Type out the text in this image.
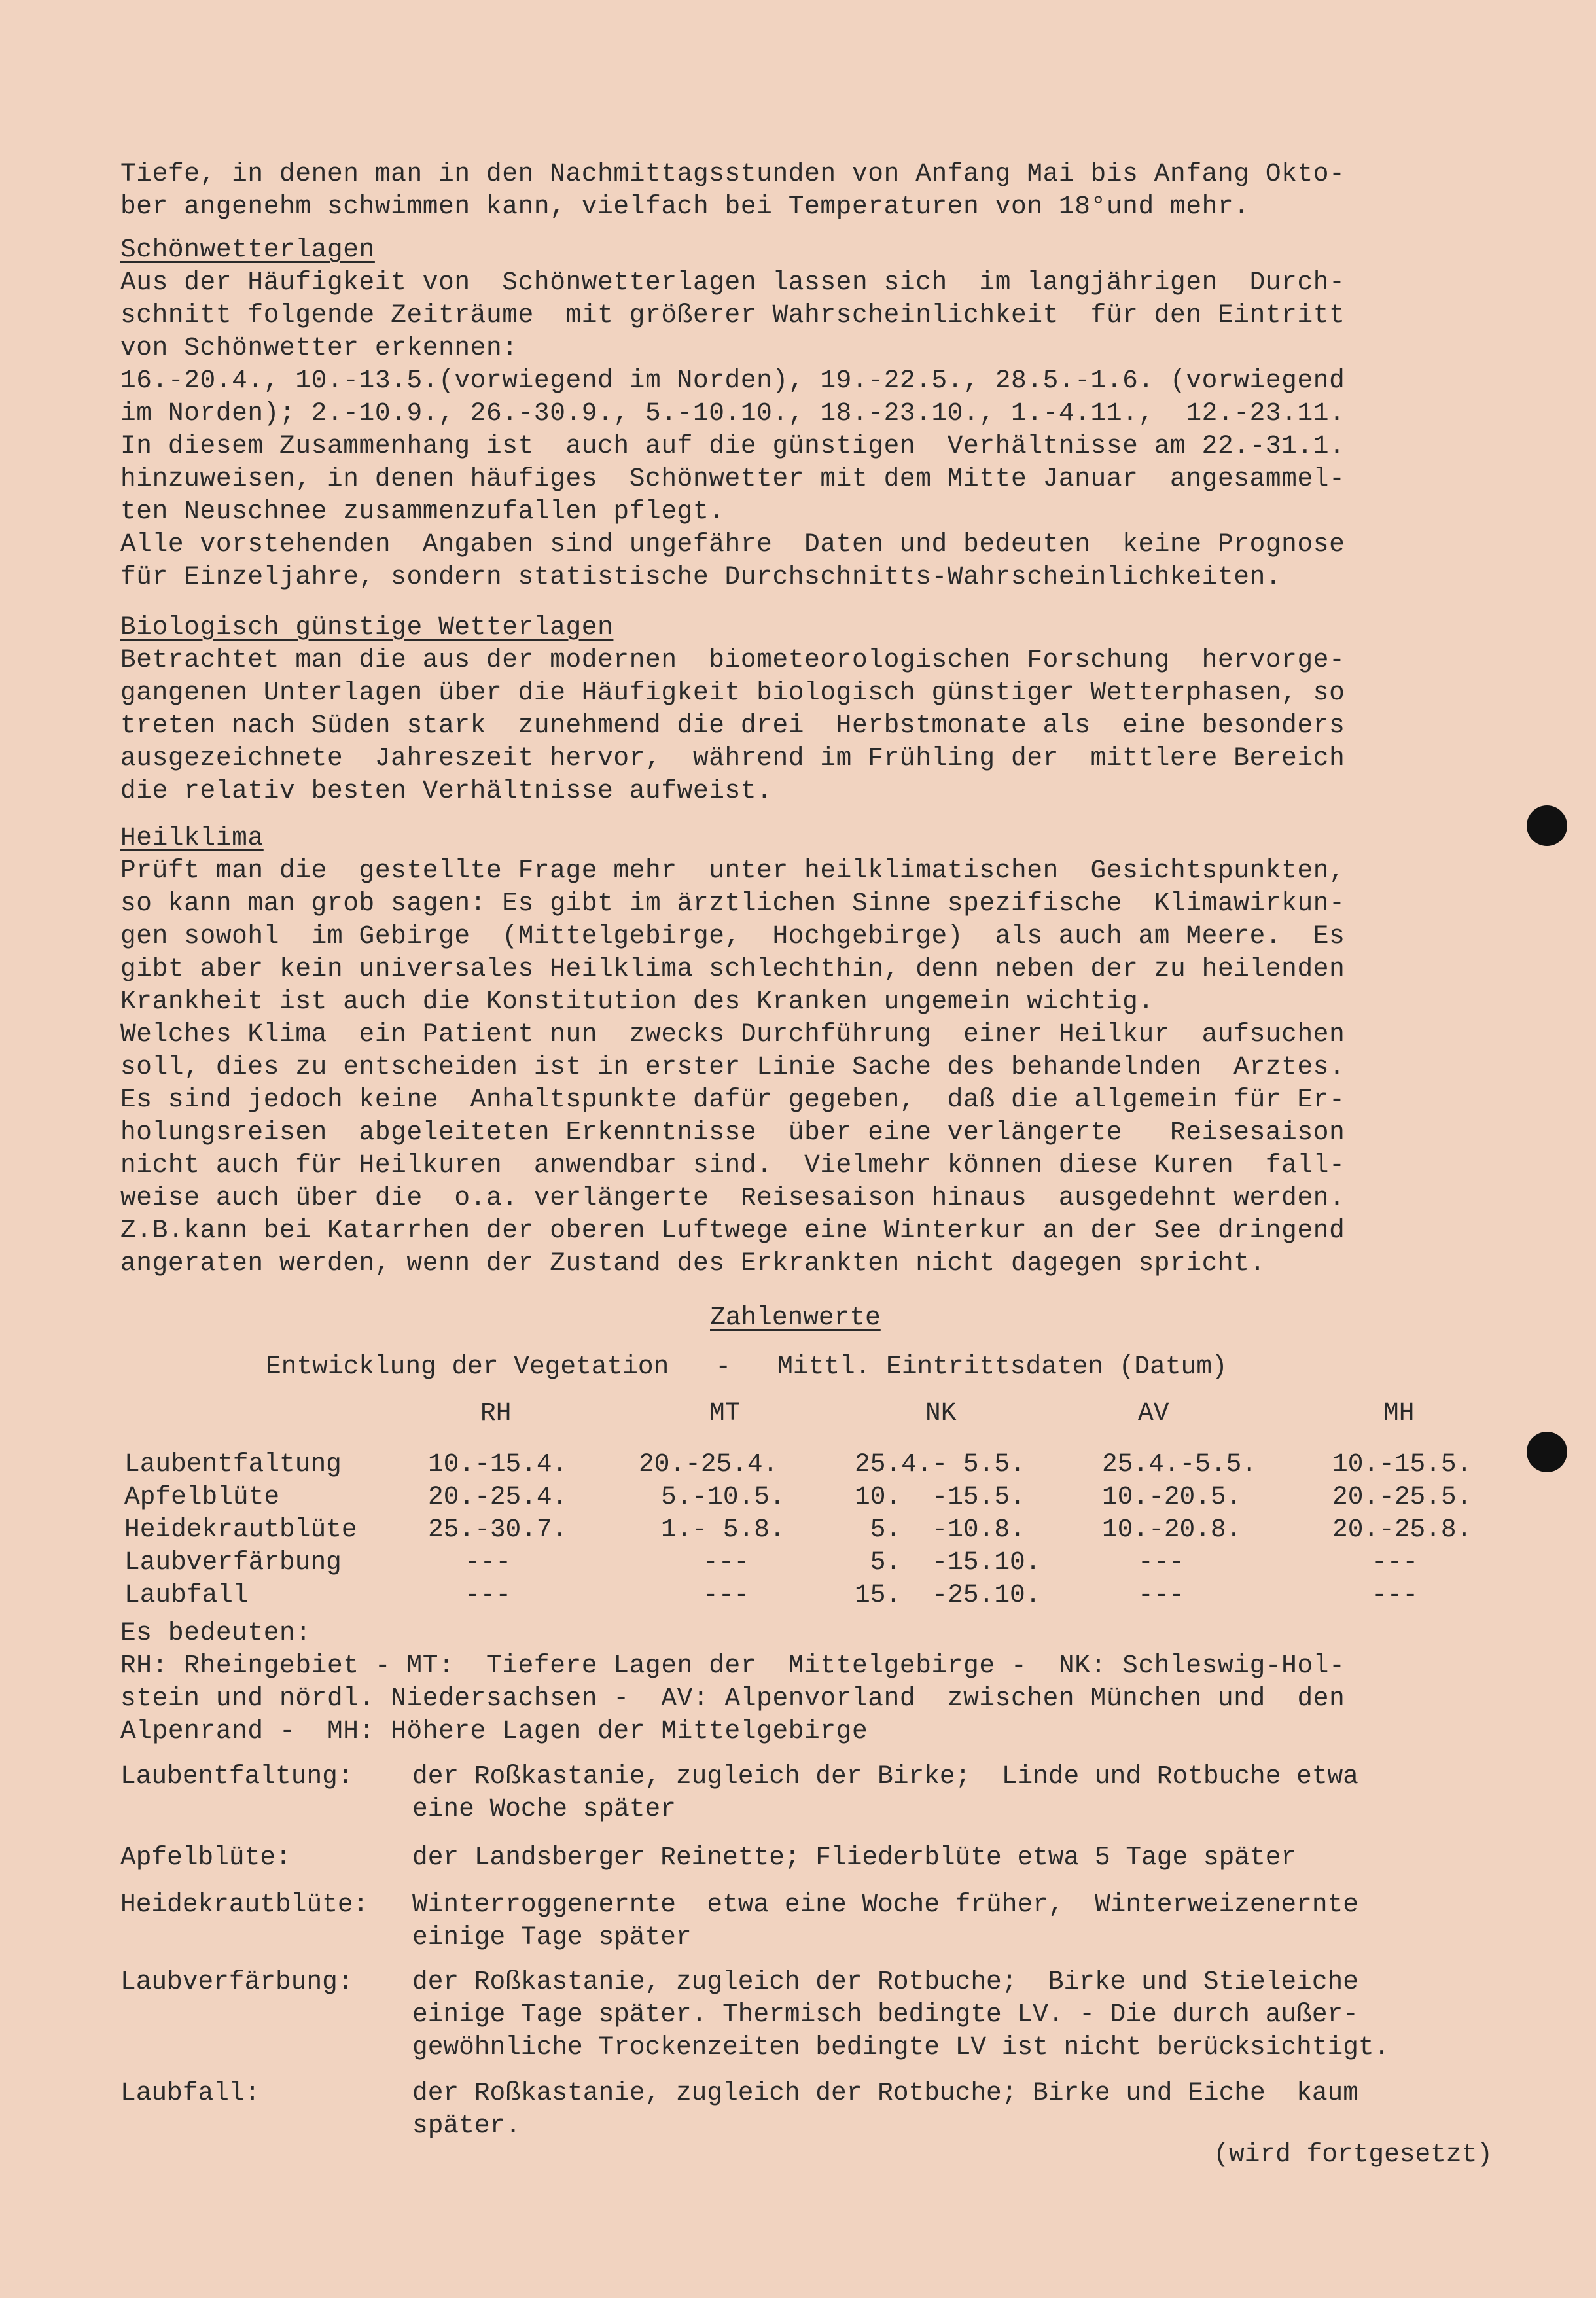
Tiefe, in denen man in den Nachmittagsstunden von Anfang Mai bis Anfang Okto-
ber angenehm schwimmen kann, vielfach bei Temperaturen von 18°und mehr.
Schönwetterlagen
Aus der Häufigkeit von  Schönwetterlagen lassen sich  im langjährigen  Durch-
schnitt folgende Zeiträume  mit größerer Wahrscheinlichkeit  für den Eintritt
von Schönwetter erkennen:
16.-20.4., 10.-13.5.(vorwiegend im Norden), 19.-22.5., 28.5.-1.6. (vorwiegend
im Norden); 2.-10.9., 26.-30.9., 5.-10.10., 18.-23.10., 1.-4.11.,  12.-23.11.
In diesem Zusammenhang ist  auch auf die günstigen  Verhältnisse am 22.-31.1.
hinzuweisen, in denen häufiges  Schönwetter mit dem Mitte Januar  angesammel-
ten Neuschnee zusammenzufallen pflegt.
Alle vorstehenden  Angaben sind ungefähre  Daten und bedeuten  keine Prognose
für Einzeljahre, sondern statistische Durchschnitts-Wahrscheinlichkeiten.
Biologisch günstige Wetterlagen
Betrachtet man die aus der modernen  biometeorologischen Forschung  hervorge-
gangenen Unterlagen über die Häufigkeit biologisch günstiger Wetterphasen, so
treten nach Süden stark  zunehmend die drei  Herbstmonate als  eine besonders
ausgezeichnete  Jahreszeit hervor,  während im Frühling der  mittlere Bereich
die relativ besten Verhältnisse aufweist.
Heilklima
Prüft man die  gestellte Frage mehr  unter heilklimatischen  Gesichtspunkten,
so kann man grob sagen: Es gibt im ärztlichen Sinne spezifische  Klimawirkun-
gen sowohl  im Gebirge  (Mittelgebirge,  Hochgebirge)  als auch am Meere.  Es
gibt aber kein universales Heilklima schlechthin, denn neben der zu heilenden
Krankheit ist auch die Konstitution des Kranken ungemein wichtig.
Welches Klima  ein Patient nun  zwecks Durchführung  einer Heilkur  aufsuchen
soll, dies zu entscheiden ist in erster Linie Sache des behandelnden  Arztes.
Es sind jedoch keine  Anhaltspunkte dafür gegeben,  daß die allgemein für Er-
holungsreisen  abgeleiteten Erkenntnisse  über eine verlängerte   Reisesaison
nicht auch für Heilkuren  anwendbar sind.  Vielmehr können diese Kuren  fall-
weise auch über die  o.a. verlängerte  Reisesaison hinaus  ausgedehnt werden.
Z.B.kann bei Katarrhen der oberen Luftwege eine Winterkur an der See dringend
angeraten werden, wenn der Zustand des Erkrankten nicht dagegen spricht.
Zahlenwerte
Entwicklung der Vegetation   -   Mittl. Eintrittsdaten (Datum)
RH	MT	NK	AV	MH
Laubentfaltung	10.-15.4.	20.-25.4.	25.4.- 5.5.	25.4.-5.5.	10.-15.5.
Apfelblüte	20.-25.4.	5.-10.5.	10.  -15.5.	10.-20.5.	20.-25.5.
Heidekrautblüte	25.-30.7.	1.- 5.8.	5.  -10.8.	10.-20.8.	20.-25.8.
Laubverfärbung	---	---	5.  -15.10.	---	---
Laubfall	---	---	15.  -25.10.	---	---
Es bedeuten:
RH: Rheingebiet - MT:  Tiefere Lagen der  Mittelgebirge -  NK: Schleswig-Hol-
stein und nördl. Niedersachsen -  AV: Alpenvorland  zwischen München und  den
Alpenrand -  MH: Höhere Lagen der Mittelgebirge
Laubentfaltung: der Roßkastanie, zugleich der Birke;  Linde und Rotbuche etwa
eine Woche später
Apfelblüte:	der Landsberger Reinette; Fliederblüte etwa 5 Tage später
Heidekrautblüte: Winterroggenernte  etwa eine Woche früher,  Winterweizenernte
einige Tage später
Laubverfärbung: der Roßkastanie, zugleich der Rotbuche;  Birke und Stieleiche
einige Tage später. Thermisch bedingte LV. - Die durch außer-
gewöhnliche Trockenzeiten bedingte LV ist nicht berücksichtigt.
Laubfall:	der Roßkastanie, zugleich der Rotbuche; Birke und Eiche  kaum
später.
(wird fortgesetzt)
